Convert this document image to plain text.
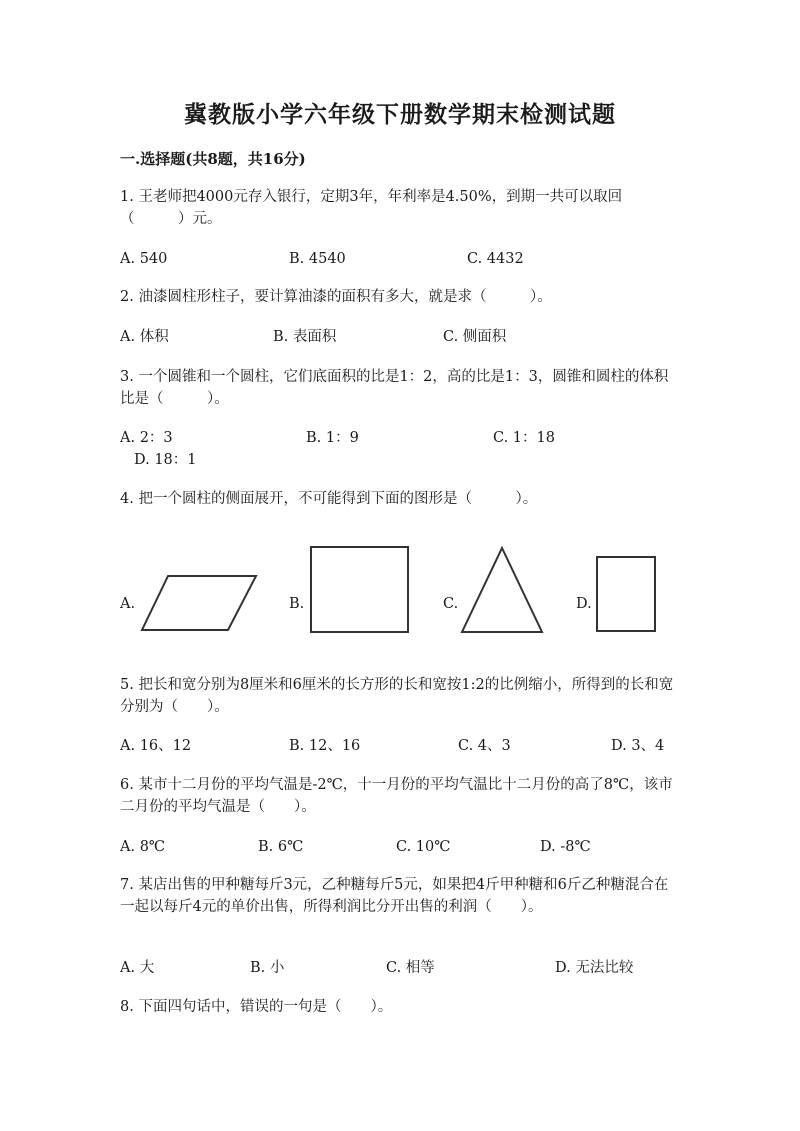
冀教版小学六年级下册数学期末检测试题
一.选择题(共8题，共16分)
1. 王老师把4000元存入银行，定期3年，年利率是4.50%，到期一共可以取回（　　　）元。
A. 540	B. 4540	C. 4432
2. 油漆圆柱形柱子，要计算油漆的面积有多大，就是求（　　　）。
A. 体积	B. 表面积	C. 侧面积
3. 一个圆锥和一个圆柱，它们底面积的比是1：2，高的比是1：3，圆锥和圆柱的体积比是（　　　）。
A. 2：3	B. 1：9	C. 1：18
D. 18：1
4. 把一个圆柱的侧面展开，不可能得到下面的图形是（　　　）。
A.	B.	C.	D.
5. 把长和宽分别为8厘米和6厘米的长方形的长和宽按1:2的比例缩小，所得到的长和宽分别为（　　）。
A. 16、12	B. 12、16	C. 4、3	D. 3、4
6. 某市十二月份的平均气温是-2℃，十一月份的平均气温比十二月份的高了8℃，该市二月份的平均气温是（　　）。
A. 8℃	B. 6℃	C. 10℃	D. -8℃
7. 某店出售的甲种糖每斤3元，乙种糖每斤5元，如果把4斤甲种糖和6斤乙种糖混合在一起以每斤4元的单价出售，所得利润比分开出售的利润（　　）。
A. 大	B. 小	C. 相等	D. 无法比较
8. 下面四句话中，错误的一句是（　　）。
